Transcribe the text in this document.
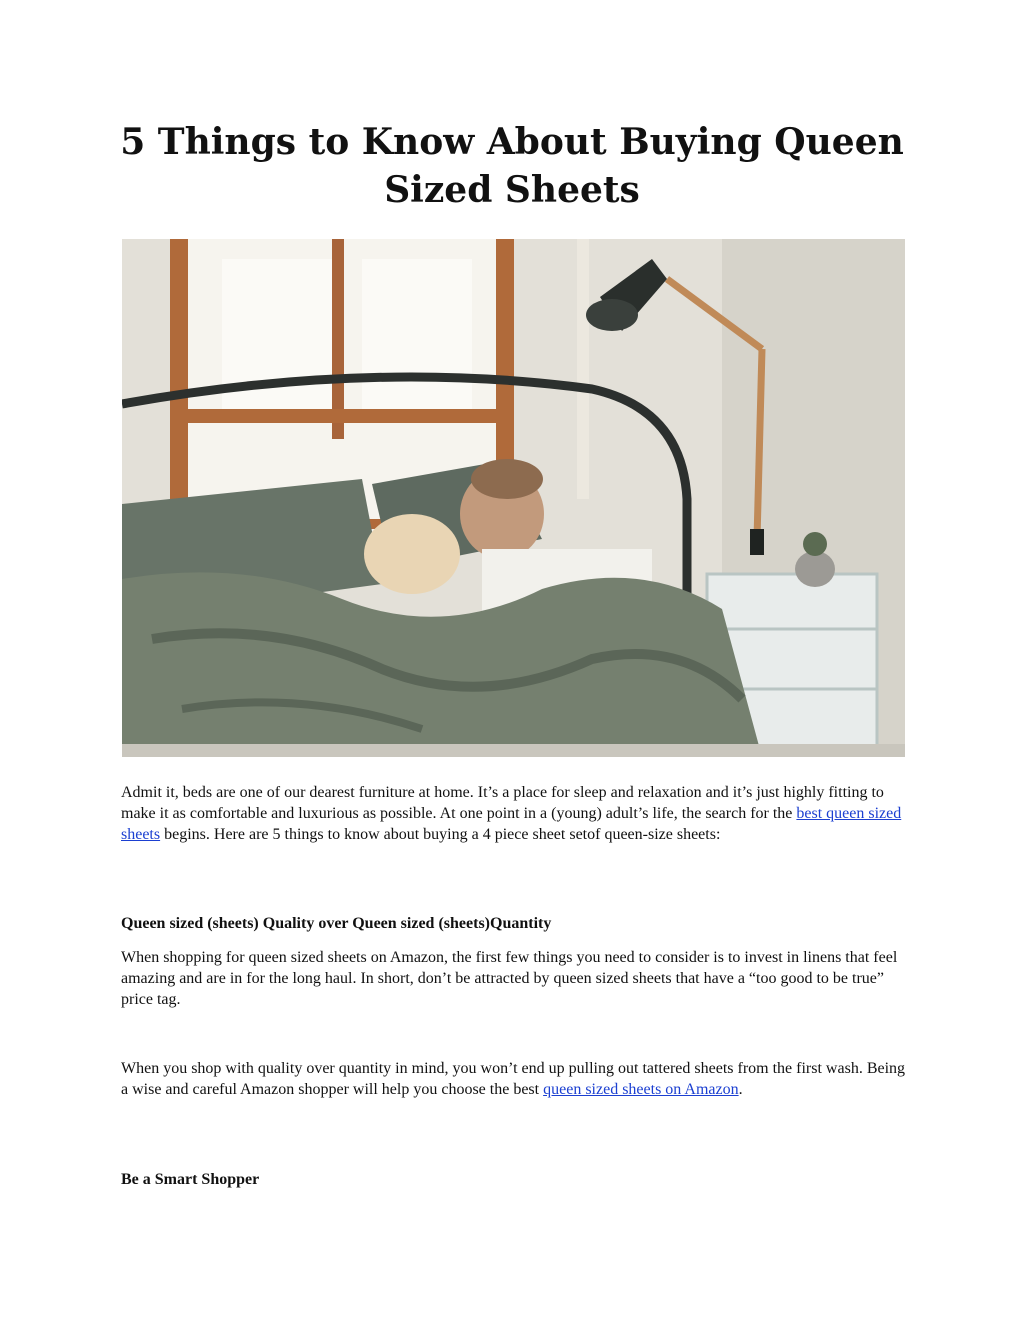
5 Things to Know About Buying Queen Sized Sheets

Admit it, beds are one of our dearest furniture at home. It’s a place for sleep and relaxation and it’s just highly fitting to make it as comfortable and luxurious as possible. At one point in a (young) adult’s life, the search for the best queen sized sheets begins. Here are 5 things to know about buying a 4 piece sheet setof queen-size sheets:

Queen sized (sheets) Quality over Queen sized (sheets)Quantity

When shopping for queen sized sheets on Amazon, the first few things you need to consider is to invest in linens that feel amazing and are in for the long haul. In short, don’t be attracted by queen sized sheets that have a “too good to be true” price tag.

When you shop with quality over quantity in mind, you won’t end up pulling out tattered sheets from the first wash. Being a wise and careful Amazon shopper will help you choose the best queen sized sheets on Amazon.

Be a Smart Shopper
